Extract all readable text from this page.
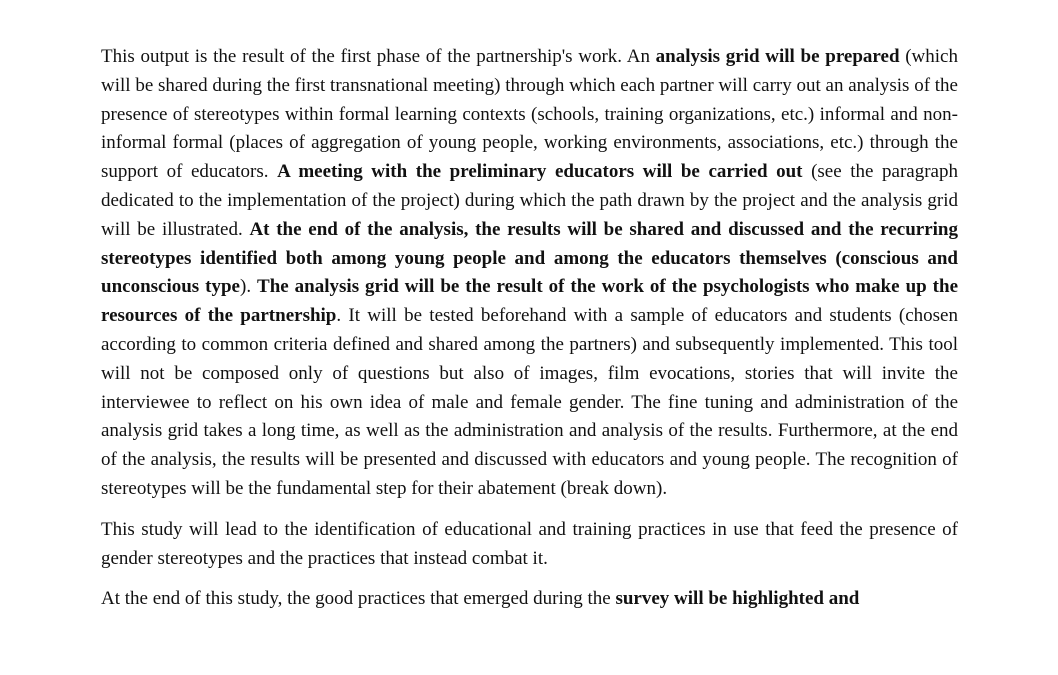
This output is the result of the first phase of the partnership's work. An analysis grid will be prepared (which will be shared during the first transnational meeting) through which each partner will carry out an analysis of the presence of stereotypes within formal learning contexts (schools, training organizations, etc.) informal and non-informal formal (places of aggregation of young people, working environments, associations, etc.) through the support of educators. A meeting with the preliminary educators will be carried out (see the paragraph dedicated to the implementation of the project) during which the path drawn by the project and the analysis grid will be illustrated. At the end of the analysis, the results will be shared and discussed and the recurring stereotypes identified both among young people and among the educators themselves (conscious and unconscious type). The analysis grid will be the result of the work of the psychologists who make up the resources of the partnership. It will be tested beforehand with a sample of educators and students (chosen according to common criteria defined and shared among the partners) and subsequently implemented. This tool will not be composed only of questions but also of images, film evocations, stories that will invite the interviewee to reflect on his own idea of male and female gender. The fine tuning and administration of the analysis grid takes a long time, as well as the administration and analysis of the results. Furthermore, at the end of the analysis, the results will be presented and discussed with educators and young people. The recognition of stereotypes will be the fundamental step for their abatement (break down).

This study will lead to the identification of educational and training practices in use that feed the presence of gender stereotypes and the practices that instead combat it.

At the end of this study, the good practices that emerged during the survey will be highlighted and
